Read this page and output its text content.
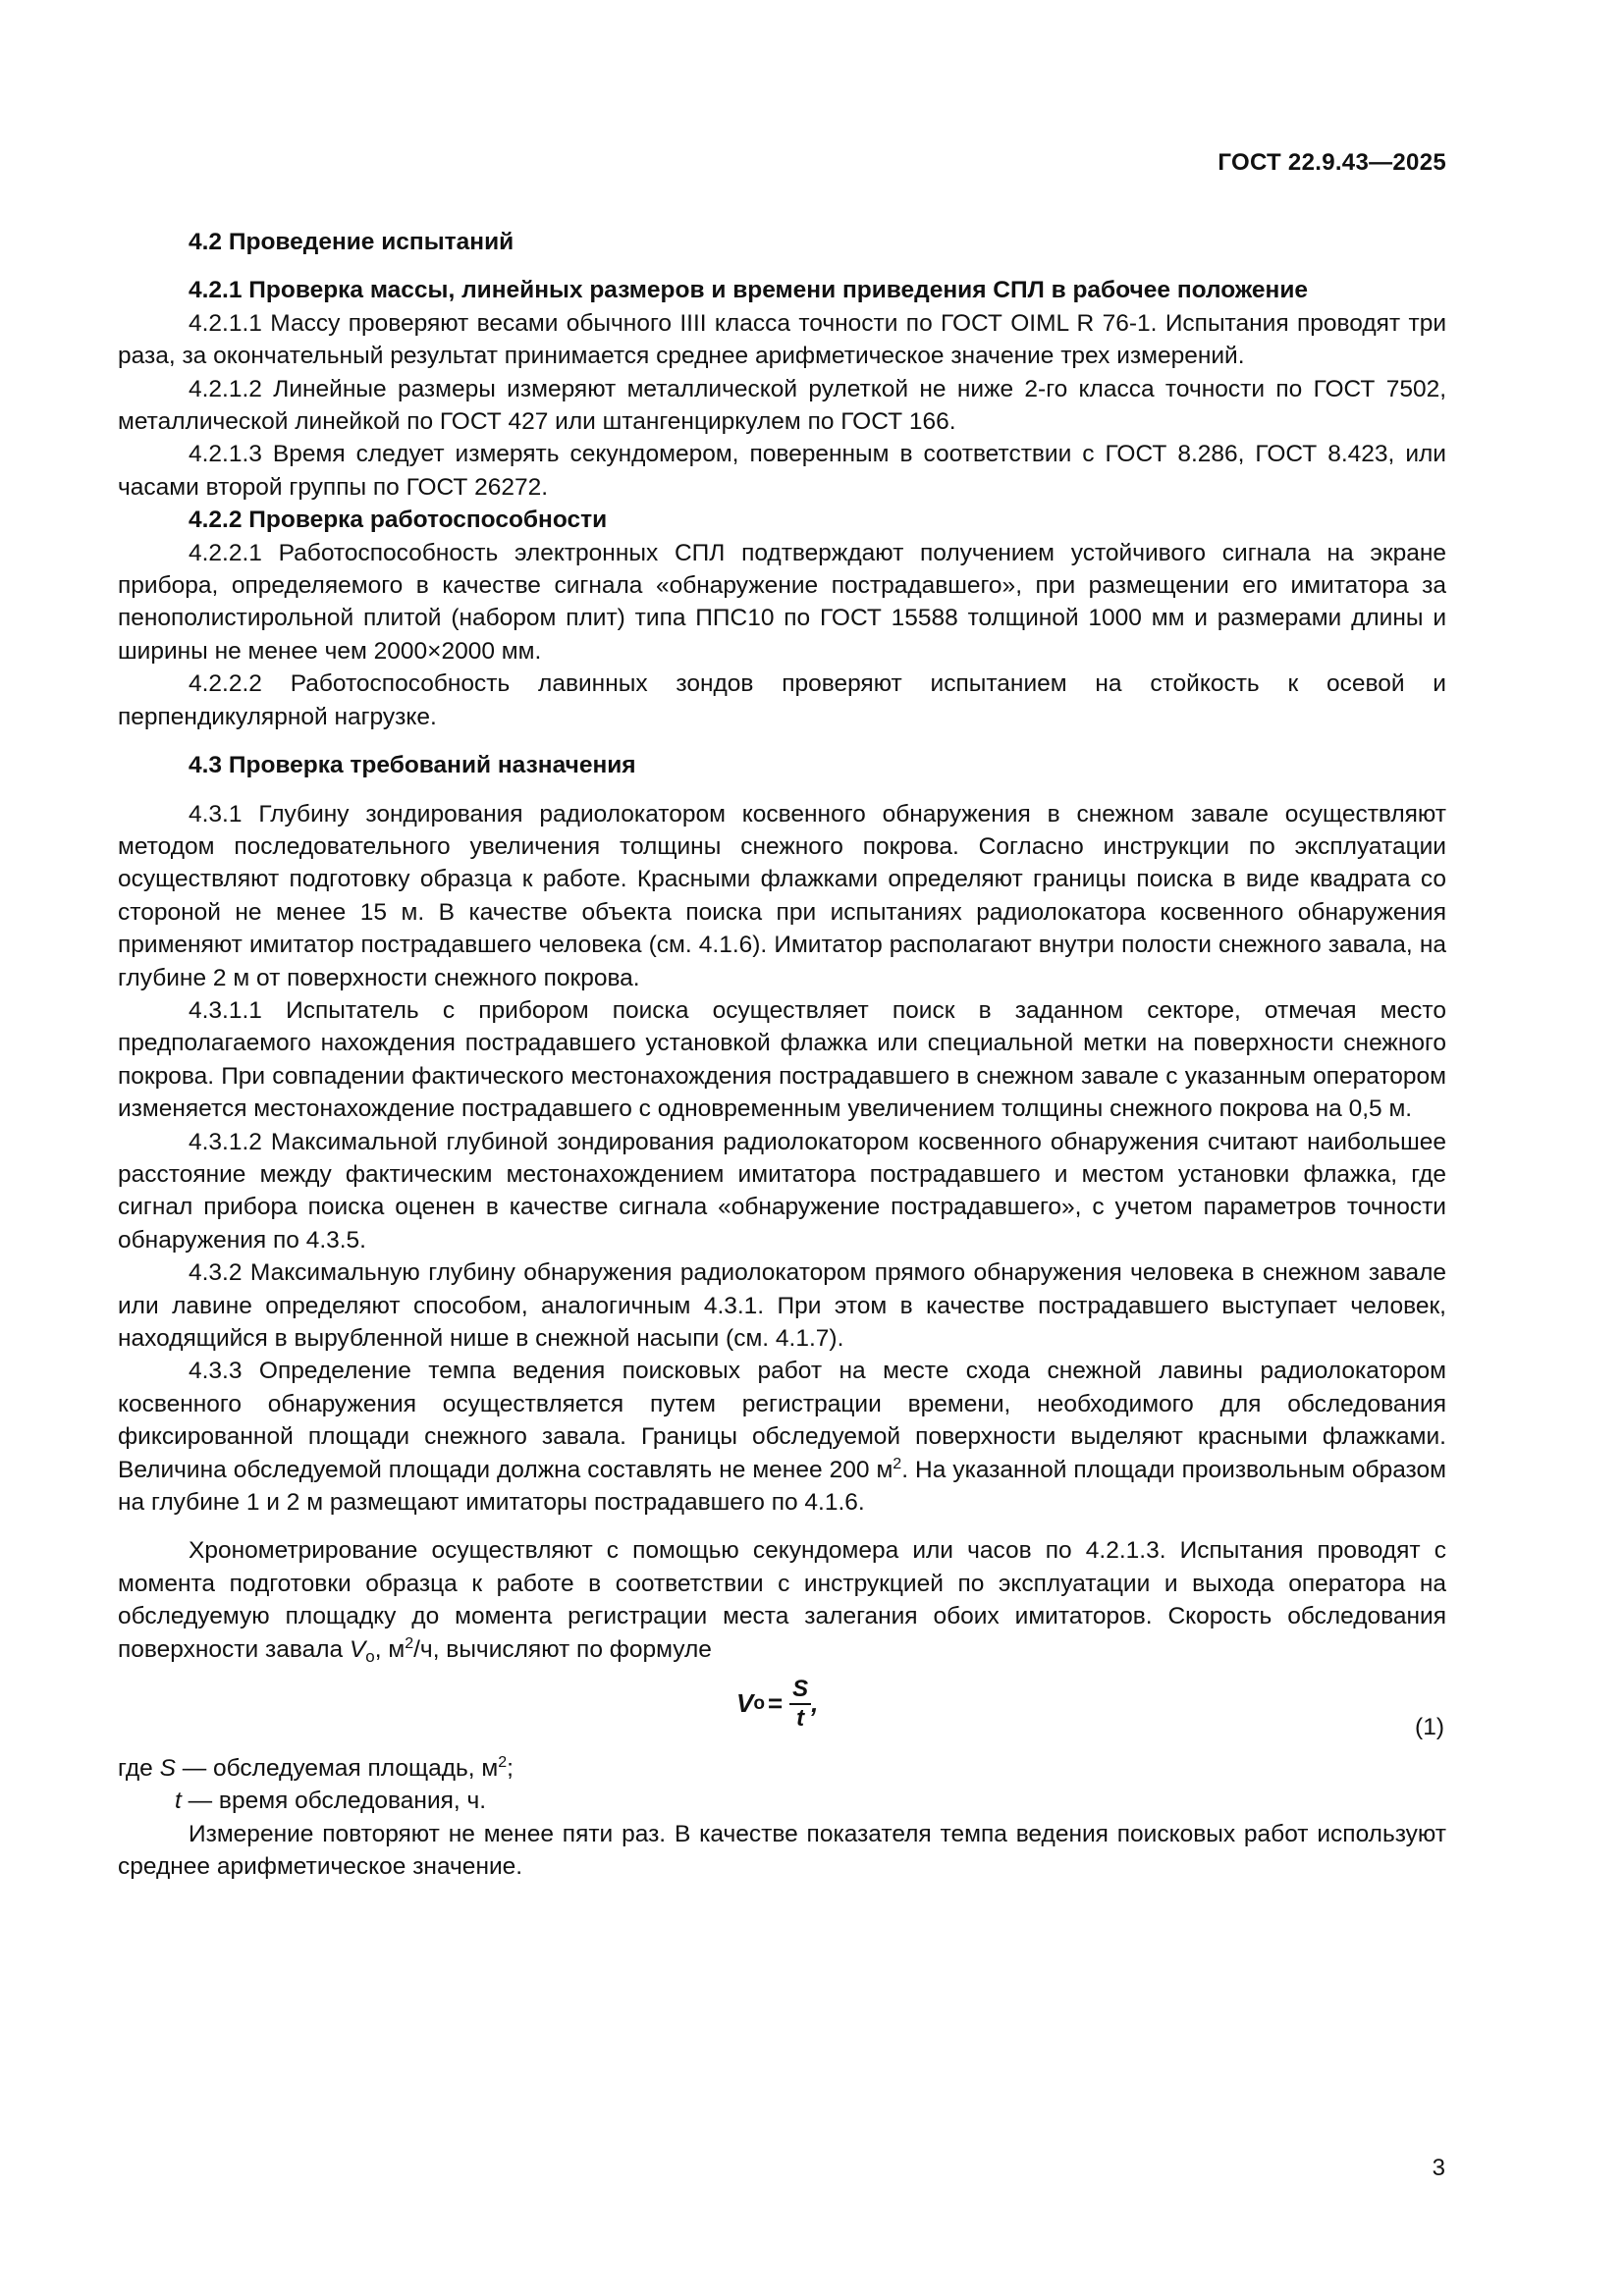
ГОСТ 22.9.43—2025

4.2 Проведение испытаний

4.2.1 Проверка массы, линейных размеров и времени приведения СПЛ в рабочее положение

4.2.1.1 Массу проверяют весами обычного IIII класса точности по ГОСТ OIML R 76-1. Испытания проводят три раза, за окончательный результат принимается среднее арифметическое значение трех измерений.

4.2.1.2 Линейные размеры измеряют металлической рулеткой не ниже 2-го класса точности по ГОСТ 7502, металлической линейкой по ГОСТ 427 или штангенциркулем по ГОСТ 166.

4.2.1.3 Время следует измерять секундомером, поверенным в соответствии с ГОСТ 8.286, ГОСТ 8.423, или часами второй группы по ГОСТ 26272.

4.2.2 Проверка работоспособности

4.2.2.1 Работоспособность электронных СПЛ подтверждают получением устойчивого сигнала на экране прибора, определяемого в качестве сигнала «обнаружение пострадавшего», при размещении его имитатора за пенополистирольной плитой (набором плит) типа ППС10 по ГОСТ 15588 толщиной 1000 мм и размерами длины и ширины не менее чем 2000×2000 мм.

4.2.2.2 Работоспособность лавинных зондов проверяют испытанием на стойкость к осевой и перпендикулярной нагрузке.

4.3 Проверка требований назначения

4.3.1 Глубину зондирования радиолокатором косвенного обнаружения в снежном завале осуществляют методом последовательного увеличения толщины снежного покрова. Согласно инструкции по эксплуатации осуществляют подготовку образца к работе. Красными флажками определяют границы поиска в виде квадрата со стороной не менее 15 м. В качестве объекта поиска при испытаниях радиолокатора косвенного обнаружения применяют имитатор пострадавшего человека (см. 4.1.6). Имитатор располагают внутри полости снежного завала, на глубине 2 м от поверхности снежного покрова.

4.3.1.1 Испытатель с прибором поиска осуществляет поиск в заданном секторе, отмечая место предполагаемого нахождения пострадавшего установкой флажка или специальной метки на поверхности снежного покрова. При совпадении фактического местонахождения пострадавшего в снежном завале с указанным оператором изменяется местонахождение пострадавшего с одновременным увеличением толщины снежного покрова на 0,5 м.

4.3.1.2 Максимальной глубиной зондирования радиолокатором косвенного обнаружения считают наибольшее расстояние между фактическим местонахождением имитатора пострадавшего и местом установки флажка, где сигнал прибора поиска оценен в качестве сигнала «обнаружение пострадавшего», с учетом параметров точности обнаружения по 4.3.5.

4.3.2 Максимальную глубину обнаружения радиолокатором прямого обнаружения человека в снежном завале или лавине определяют способом, аналогичным 4.3.1. При этом в качестве пострадавшего выступает человек, находящийся в вырубленной нише в снежной насыпи (см. 4.1.7).

4.3.3 Определение темпа ведения поисковых работ на месте схода снежной лавины радиолокатором косвенного обнаружения осуществляется путем регистрации времени, необходимого для обследования фиксированной площади снежного завала. Границы обследуемой поверхности выделяют красными флажками. Величина обследуемой площади должна составлять не менее 200 $м^2$. На указанной площади произвольным образом на глубине 1 и 2 м размещают имитаторы пострадавшего по 4.1.6.

Хронометрирование осуществляют с помощью секундомера или часов по 4.2.1.3. Испытания проводят с момента подготовки образца к работе в соответствии с инструкцией по эксплуатации и выхода оператора на обследуемую площадку до момента регистрации места залегания обоих имитаторов. Скорость обследования поверхности завала $V_o$, $м^2/ч$, вычисляют по формуле

V $o = \frac{S}{t}$ ,
(1)

где S — обследуемая площадь, $м^2$;

t — время обследования, ч.

Измерение повторяют не менее пяти раз. В качестве показателя темпа ведения поисковых работ используют среднее арифметическое значение.

3
